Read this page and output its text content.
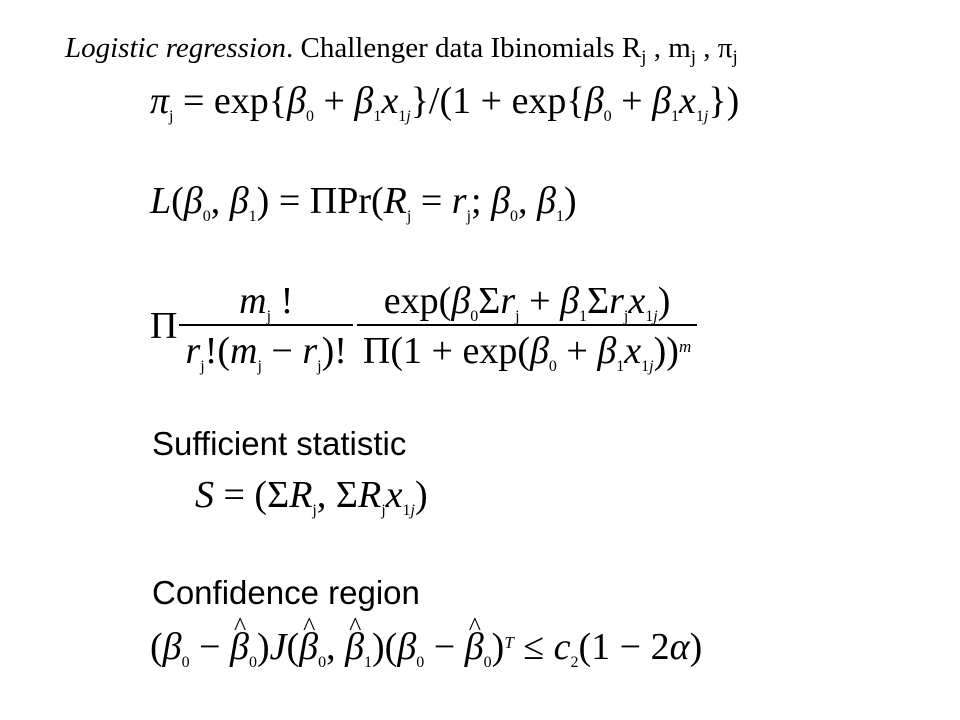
Logistic regression. Challenger data Ibinomials $R_j$ , $m_j$ , $\pi_j$
$\pi_j = \exp\{\beta_0 + \beta_1x_{1j}\}/(1 + \exp\{\beta_0 + \beta_1x_{1j}\})$
$L(\beta_0$, $\beta_1) = \Pi Pr(R_j = r_j$; $\beta_0$, $\beta_1$)
Π $\frac{m_j !}{r_j!(m_j - r_j)!} \frac{\exp(\beta_0\Sigma r_j + \beta_1\Sigma r_jx_{1j})}{\Pi(1 + \exp(\beta_0 + \beta_1x_{1j}))^m}$
Sufficient statistic
$S = (\Sigma R_j$, $\Sigma R_jx_{1j}$)
Confidence region
($\beta_0$ − ^ $\beta_0)J(\^{}$ $\beta_0$, ^ $\beta_1)(\beta_0$ − ^ $\beta_0)^T \le c_2(1 - 2\alpha)$
